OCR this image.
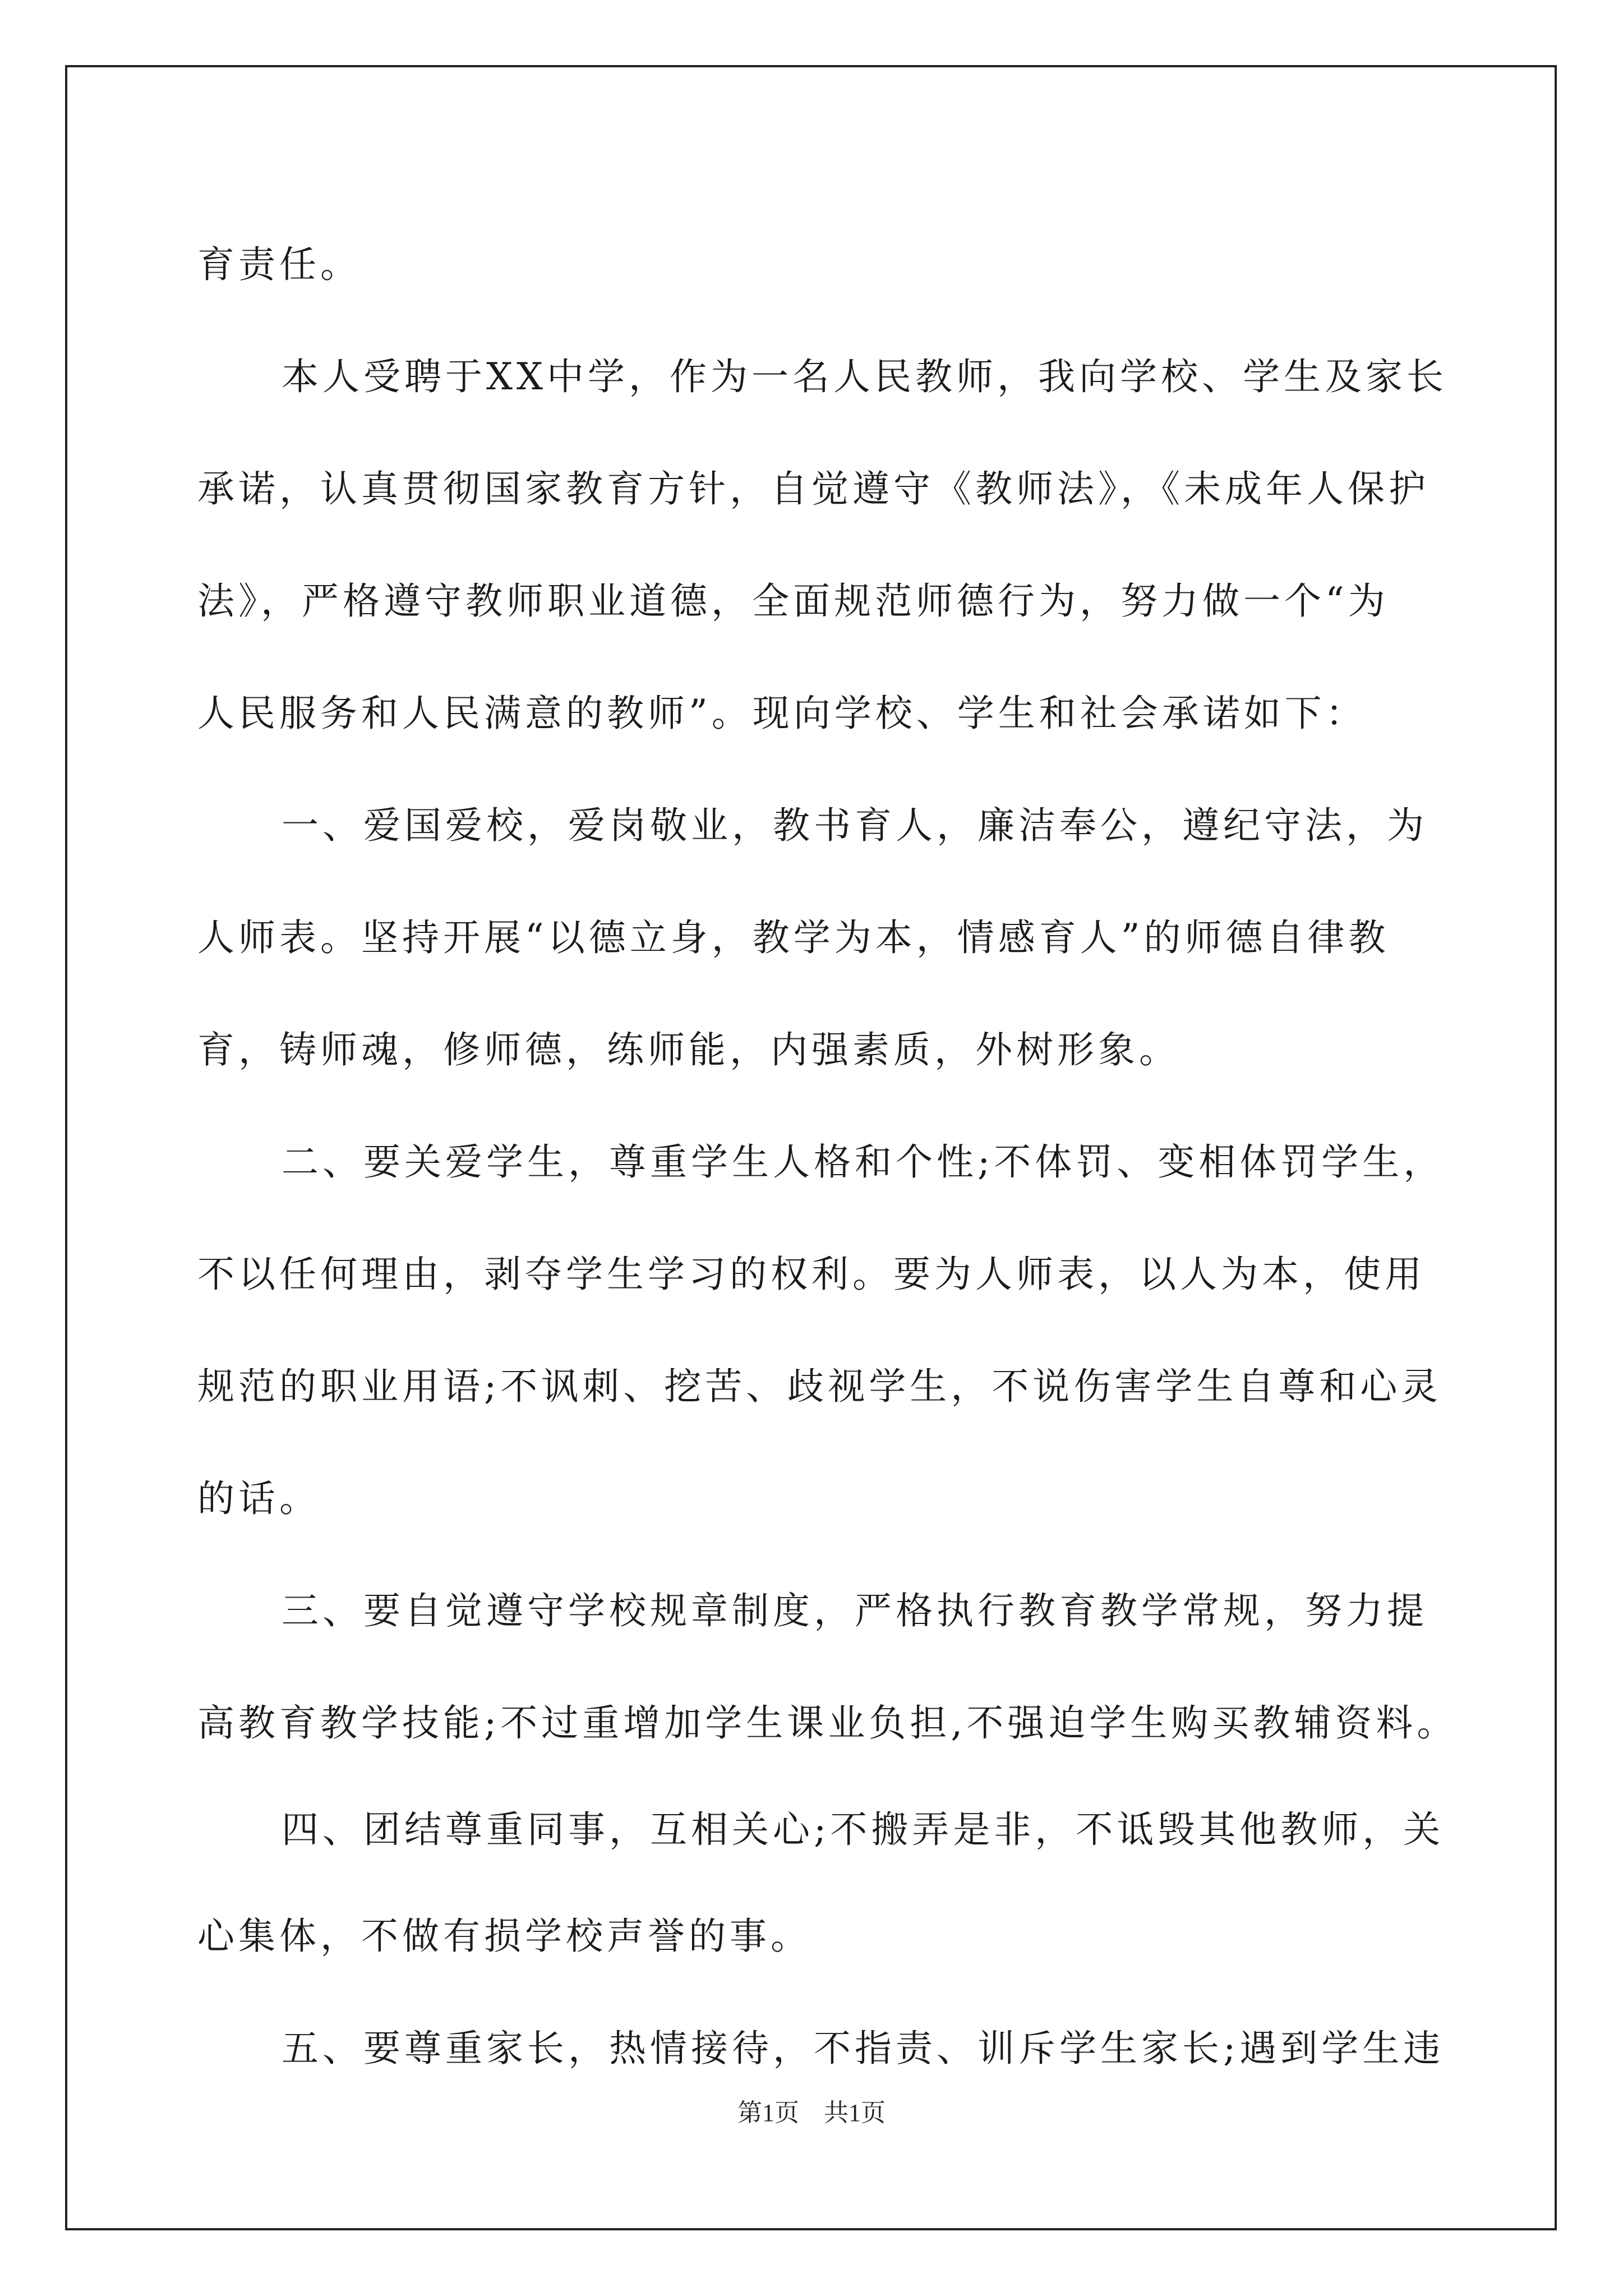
育责任。
本人受聘于XX中学，作为一名人民教师，我向学校、学生及家长
承诺，认真贯彻国家教育方针，自觉遵守《教师法》，《未成年人保护
法》，严格遵守教师职业道德，全面规范师德行为，努力做一个“为
人民服务和人民满意的教师”。现向学校、学生和社会承诺如下：
一、爱国爱校，爱岗敬业，教书育人，廉洁奉公，遵纪守法，为
人师表。坚持开展“以德立身，教学为本，情感育人”的师德自律教
育，铸师魂，修师德，练师能，内强素质，外树形象。
二、要关爱学生，尊重学生人格和个性;不体罚、变相体罚学生，
不以任何理由，剥夺学生学习的权利。要为人师表，以人为本，使用
规范的职业用语;不讽刺、挖苦、歧视学生，不说伤害学生自尊和心灵
的话。
三、要自觉遵守学校规章制度，严格执行教育教学常规，努力提
高教育教学技能;不过重增加学生课业负担,不强迫学生购买教辅资料。
四、团结尊重同事，互相关心;不搬弄是非，不诋毁其他教师，关
心集体，不做有损学校声誉的事。
五、要尊重家长，热情接待，不指责、训斥学生家长;遇到学生违
第1页　共1页
